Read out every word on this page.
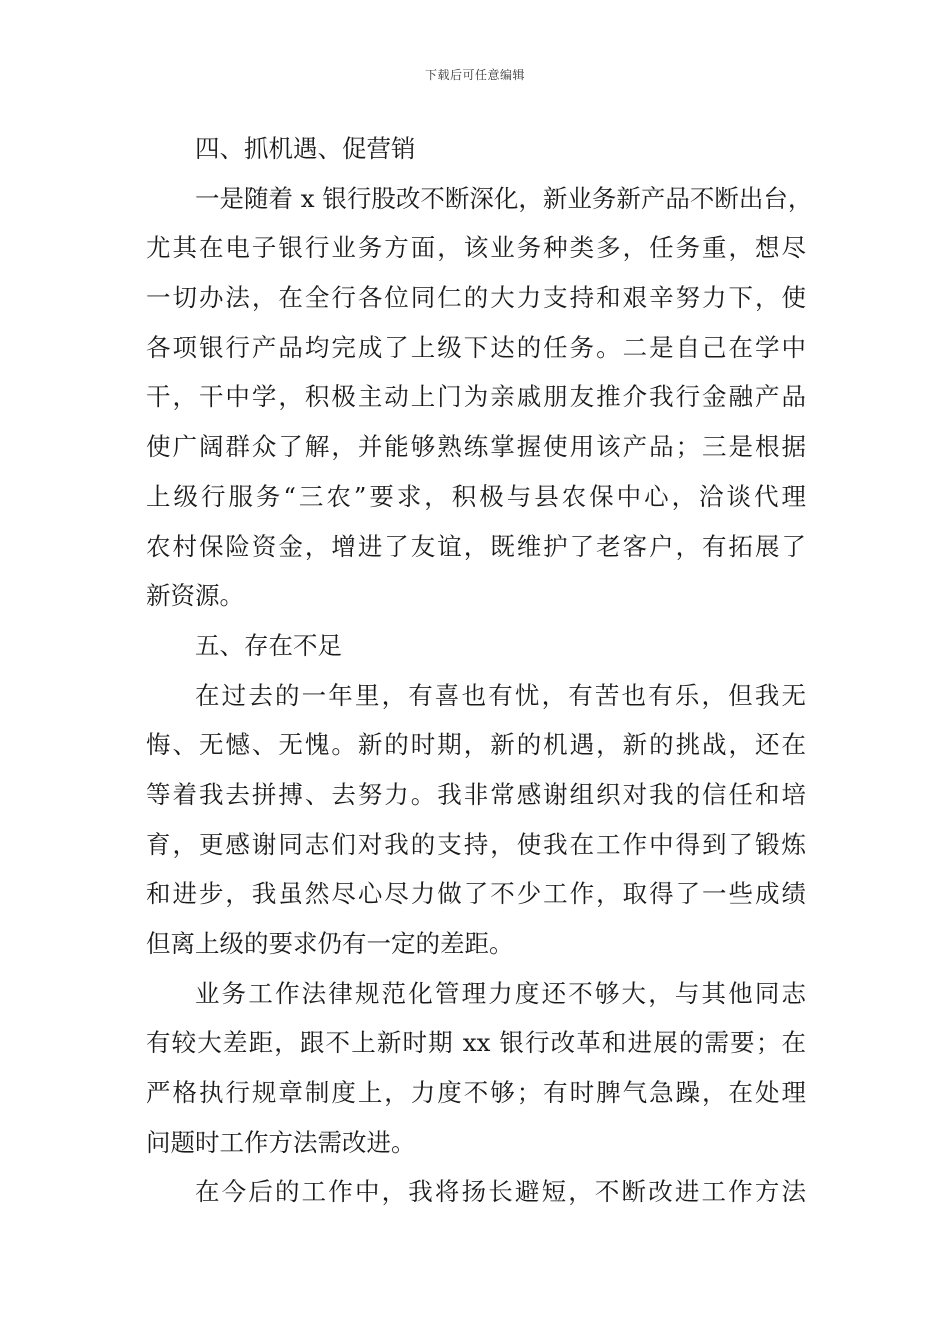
下载后可任意编辑
四、抓机遇、促营销
一是随着 x 银行股改不断深化，新业务新产品不断出台，
尤其在电子银行业务方面，该业务种类多，任务重，想尽
一切办法，在全行各位同仁的大力支持和艰辛努力下，使
各项银行产品均完成了上级下达的任务。二是自己在学中
干，干中学，积极主动上门为亲戚朋友推介我行金融产品
使广阔群众了解，并能够熟练掌握使用该产品；三是根据
上级行服务“三农”要求，积极与县农保中心，洽谈代理
农村保险资金，增进了友谊，既维护了老客户，有拓展了
新资源。
五、存在不足
在过去的一年里，有喜也有忧，有苦也有乐，但我无
悔、无憾、无愧。新的时期，新的机遇，新的挑战，还在
等着我去拼搏、去努力。我非常感谢组织对我的信任和培
育，更感谢同志们对我的支持，使我在工作中得到了锻炼
和进步，我虽然尽心尽力做了不少工作，取得了一些成绩
但离上级的要求仍有一定的差距。
业务工作法律规范化管理力度还不够大，与其他同志
有较大差距，跟不上新时期 xx 银行改革和进展的需要；在
严格执行规章制度上，力度不够；有时脾气急躁，在处理
问题时工作方法需改进。
在今后的工作中，我将扬长避短，不断改进工作方法
